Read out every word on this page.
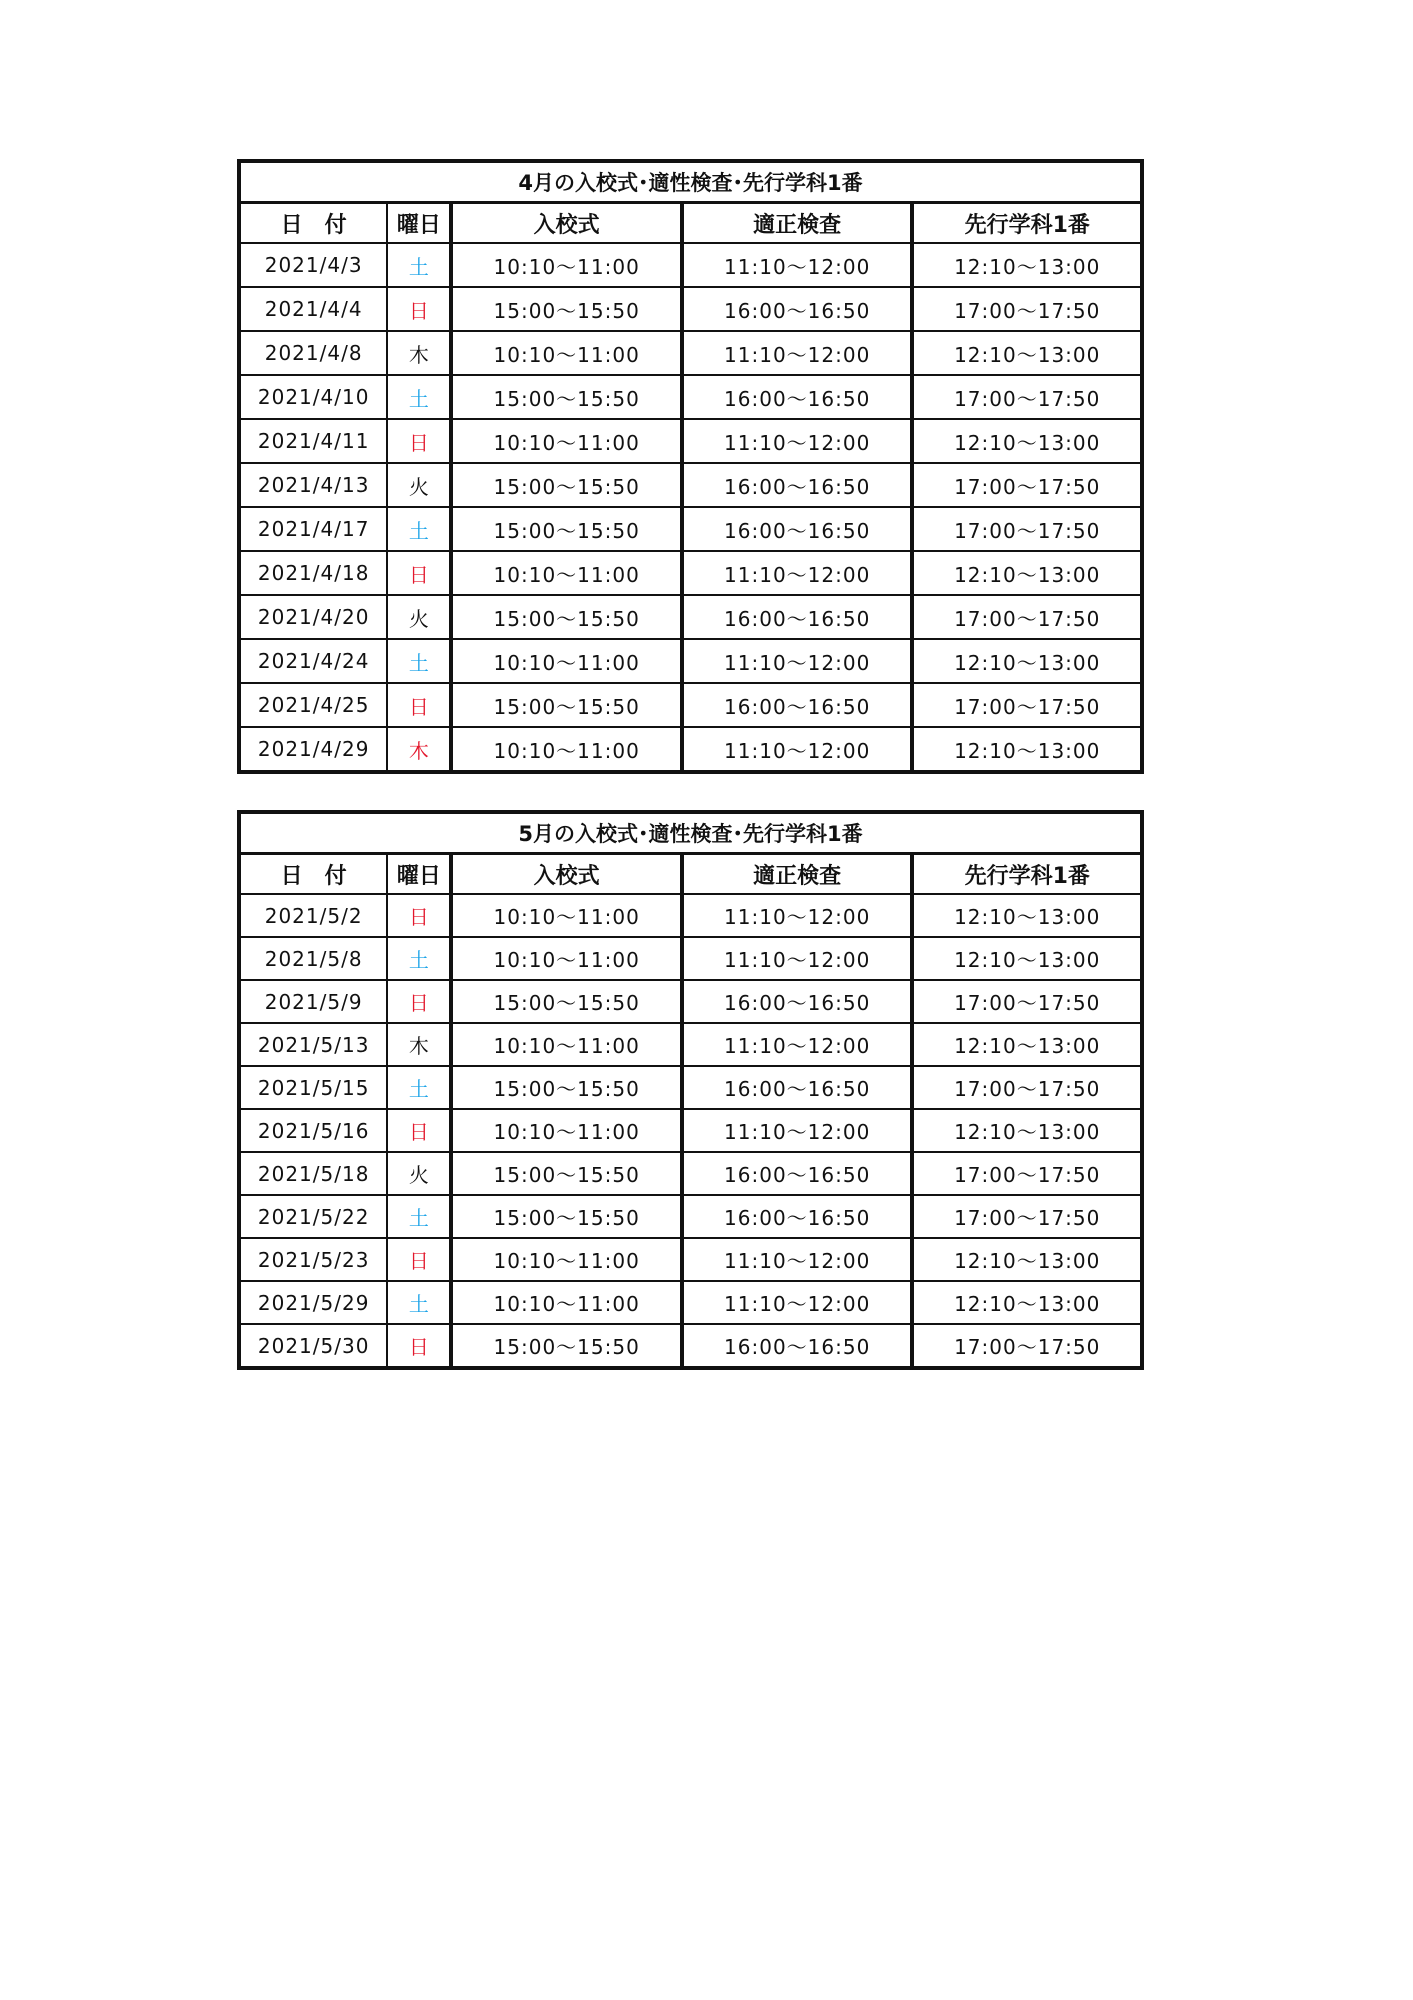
4月の入校式･適性検査･先行学科1番				
日　付	曜日	入校式	適正検査	先行学科1番
2021/4/3	土	10:10～11:00	11:10～12:00	12:10～13:00
2021/4/4	日	15:00～15:50	16:00～16:50	17:00～17:50
2021/4/8	木	10:10～11:00	11:10～12:00	12:10～13:00
2021/4/10	土	15:00～15:50	16:00～16:50	17:00～17:50
2021/4/11	日	10:10～11:00	11:10～12:00	12:10～13:00
2021/4/13	火	15:00～15:50	16:00～16:50	17:00～17:50
2021/4/17	土	15:00～15:50	16:00～16:50	17:00～17:50
2021/4/18	日	10:10～11:00	11:10～12:00	12:10～13:00
2021/4/20	火	15:00～15:50	16:00～16:50	17:00～17:50
2021/4/24	土	10:10～11:00	11:10～12:00	12:10～13:00
2021/4/25	日	15:00～15:50	16:00～16:50	17:00～17:50
2021/4/29	木	10:10～11:00	11:10～12:00	12:10～13:00
5月の入校式･適性検査･先行学科1番				
日　付	曜日	入校式	適正検査	先行学科1番
2021/5/2	日	10:10～11:00	11:10～12:00	12:10～13:00
2021/5/8	土	10:10～11:00	11:10～12:00	12:10～13:00
2021/5/9	日	15:00～15:50	16:00～16:50	17:00～17:50
2021/5/13	木	10:10～11:00	11:10～12:00	12:10～13:00
2021/5/15	土	15:00～15:50	16:00～16:50	17:00～17:50
2021/5/16	日	10:10～11:00	11:10～12:00	12:10～13:00
2021/5/18	火	15:00～15:50	16:00～16:50	17:00～17:50
2021/5/22	土	15:00～15:50	16:00～16:50	17:00～17:50
2021/5/23	日	10:10～11:00	11:10～12:00	12:10～13:00
2021/5/29	土	10:10～11:00	11:10～12:00	12:10～13:00
2021/5/30	日	15:00～15:50	16:00～16:50	17:00～17:50
